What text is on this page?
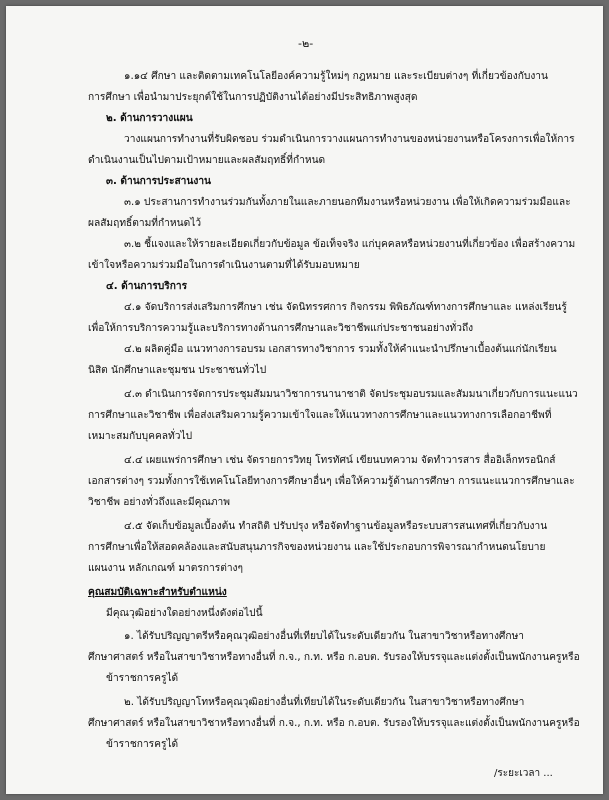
-๒-
๑.๑๔ ศึกษา และติดตามเทคโนโลยีองค์ความรู้ใหม่ๆ กฎหมาย และระเบียบต่างๆ ที่เกี่ยวข้องกับงาน
การศึกษา เพื่อนำมาประยุกต์ใช้ในการปฏิบัติงานได้อย่างมีประสิทธิภาพสูงสุด
๒. ด้านการวางแผน
วางแผนการทำงานที่รับผิดชอบ ร่วมดำเนินการวางแผนการทำงานของหน่วยงานหรือโครงการเพื่อให้การ
ดำเนินงานเป็นไปตามเป้าหมายและผลสัมฤทธิ์ที่กำหนด
๓. ด้านการประสานงาน
๓.๑ ประสานการทำงานร่วมกันทั้งภายในและภายนอกทีมงานหรือหน่วยงาน เพื่อให้เกิดความร่วมมือและ
ผลสัมฤทธิ์ตามที่กำหนดไว้
๓.๒ ชี้แจงและให้รายละเอียดเกี่ยวกับข้อมูล ข้อเท็จจริง แก่บุคคลหรือหน่วยงานที่เกี่ยวข้อง เพื่อสร้างความ
เข้าใจหรือความร่วมมือในการดำเนินงานตามที่ได้รับมอบหมาย
๔. ด้านการบริการ
๔.๑ จัดบริการส่งเสริมการศึกษา เช่น จัดนิทรรศการ กิจกรรม พิพิธภัณฑ์ทางการศึกษาและ แหล่งเรียนรู้
เพื่อให้การบริการความรู้และบริการทางด้านการศึกษาและวิชาชีพแก่ประชาชนอย่างทั่วถึง
๔.๒ ผลิตคู่มือ แนวทางการอบรม เอกสารทางวิชาการ รวมทั้งให้คำแนะนำปรึกษาเบื้องต้นแก่นักเรียน
นิสิต นักศึกษาและชุมชน ประชาชนทั่วไป
๔.๓ ดำเนินการจัดการประชุมสัมมนาวิชาการนานาชาติ จัดประชุมอบรมและสัมมนาเกี่ยวกับการแนะแนว
การศึกษาและวิชาชีพ เพื่อส่งเสริมความรู้ความเข้าใจและให้แนวทางการศึกษาและแนวทางการเลือกอาชีพที่
เหมาะสมกับบุคคลทั่วไป
๔.๔ เผยแพร่การศึกษา เช่น จัดรายการวิทยุ โทรทัศน์ เขียนบทความ จัดทำวารสาร สื่ออิเล็กทรอนิกส์
เอกสารต่างๆ รวมทั้งการใช้เทคโนโลยีทางการศึกษาอื่นๆ เพื่อให้ความรู้ด้านการศึกษา การแนะแนวการศึกษาและ
วิชาชีพ อย่างทั่วถึงและมีคุณภาพ
๔.๕ จัดเก็บข้อมูลเบื้องต้น ทำสถิติ ปรับปรุง หรือจัดทำฐานข้อมูลหรือระบบสารสนเทศที่เกี่ยวกับงาน
การศึกษาเพื่อให้สอดคล้องและสนับสนุนภารกิจของหน่วยงาน และใช้ประกอบการพิจารณากำหนดนโยบาย
แผนงาน หลักเกณฑ์ มาตรการต่างๆ
คุณสมบัติเฉพาะสำหรับตำแหน่ง
มีคุณวุฒิอย่างใดอย่างหนึ่งดังต่อไปนี้
๑. ได้รับปริญญาตรีหรือคุณวุฒิอย่างอื่นที่เทียบได้ในระดับเดียวกัน ในสาขาวิชาหรือทางศึกษา
ศึกษาศาสตร์ หรือในสาขาวิชาหรือทางอื่นที่ ก.จ., ก.ท. หรือ ก.อบต. รับรองให้บรรจุและแต่งตั้งเป็นพนักงานครูหรือ
ข้าราชการครูได้
๒. ได้รับปริญญาโทหรือคุณวุฒิอย่างอื่นที่เทียบได้ในระดับเดียวกัน ในสาขาวิชาหรือทางศึกษา
ศึกษาศาสตร์ หรือในสาขาวิชาหรือทางอื่นที่ ก.จ., ก.ท. หรือ ก.อบต. รับรองให้บรรจุและแต่งตั้งเป็นพนักงานครูหรือ
ข้าราชการครูได้
/ระยะเวลา ...
